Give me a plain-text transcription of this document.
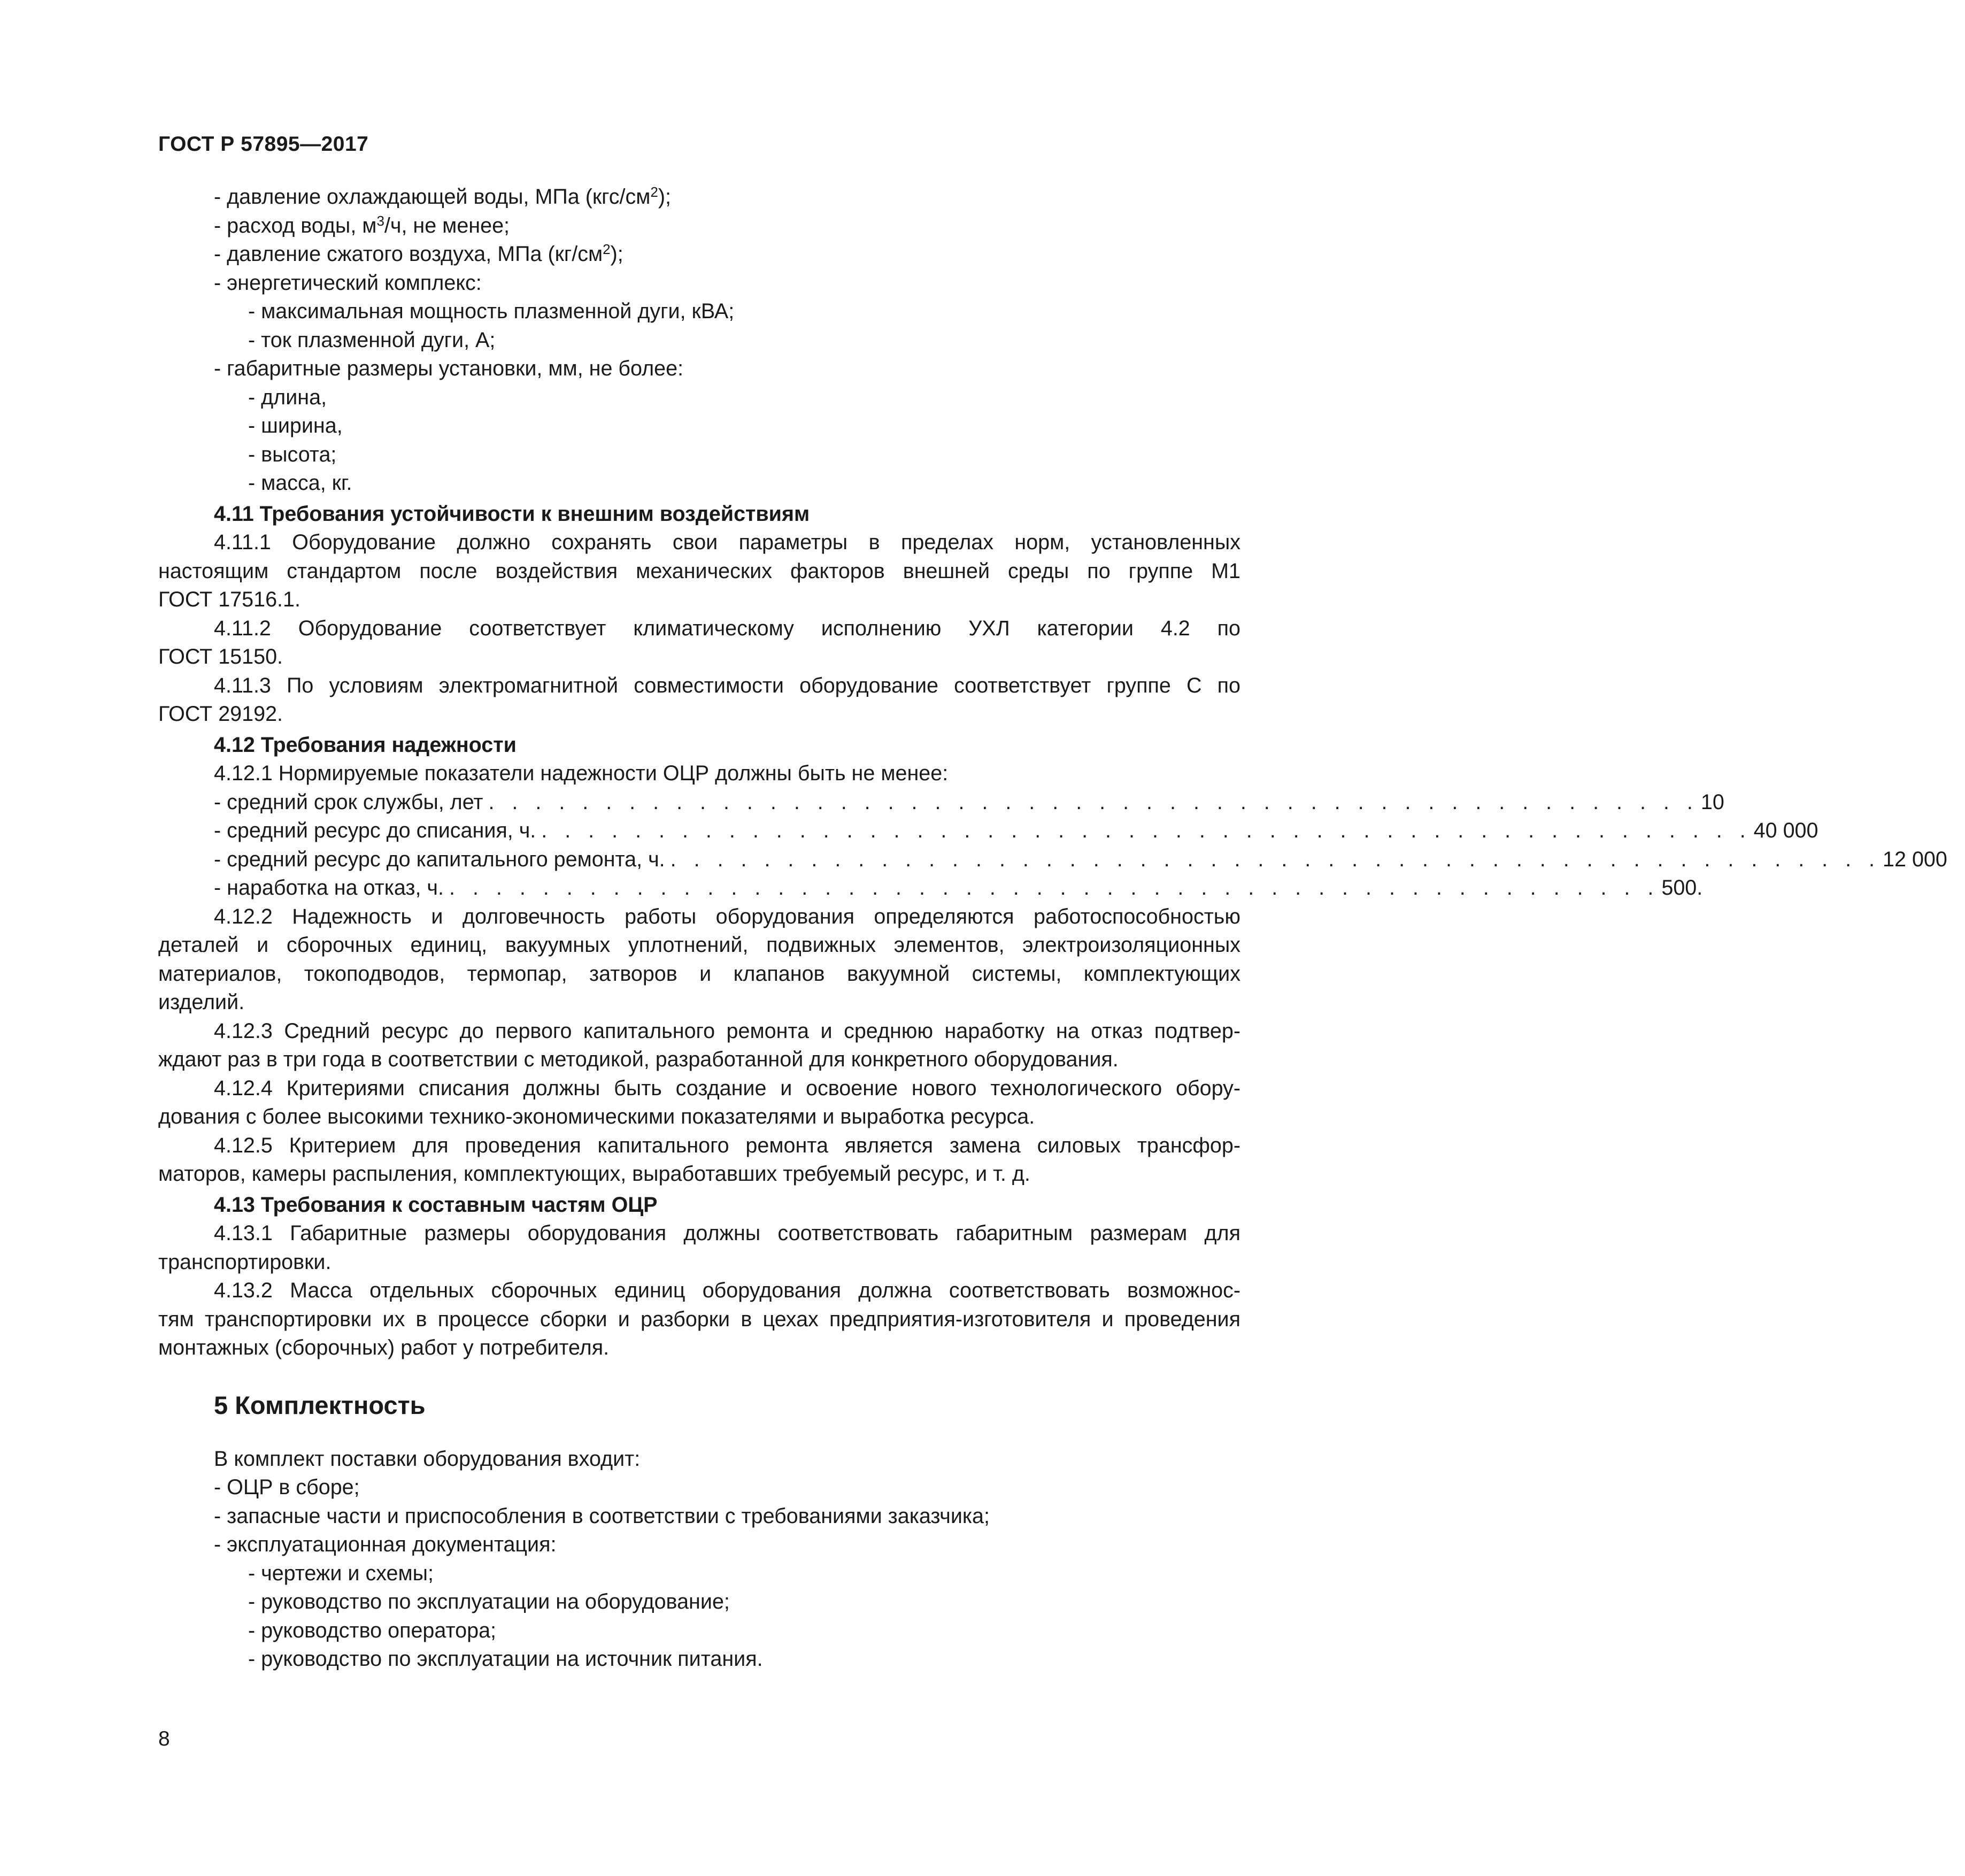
ГОСТ Р 57895—2017
- давление охлаждающей воды, МПа $(кгс/см^2)$;
- расход воды, $м^3/ч$, не менее;
- давление сжатого воздуха, МПа $(кг/см^2)$;
- энергетический комплекс:
- максимальная мощность плазменной дуги, кВА;
- ток плазменной дуги, А;
- габаритные размеры установки, мм, не более:
- длина,
- ширина,
- высота;
- масса, кг.
4.11 Требования устойчивости к внешним воздействиям
4.11.1 Оборудование должно сохранять свои параметры в пределах норм, установленных
настоящим стандартом после воздействия механических факторов внешней среды по группе М1
ГОСТ 17516.1.
4.11.2 Оборудование соответствует климатическому исполнению УХЛ категории 4.2 по
ГОСТ 15150.
4.11.3 По условиям электромагнитной совместимости оборудование соответствует группе С по
ГОСТ 29192.
4.12 Требования надежности
4.12.1 Нормируемые показатели надежности ОЦР должны быть не менее:
- средний срок службы, лет . . . . . . . . . . . . . . . . . . . . . . . . . . . . . . . . . . . . . . . . . . . . . . . . . . . . 10
- средний ресурс до списания, ч. . . . . . . . . . . . . . . . . . . . . . . . . . . . . . . . . . . . . . . . . . . . . . . . . . . . . 40 000
- средний ресурс до капитального ремонта, ч. . . . . . . . . . . . . . . . . . . . . . . . . . . . . . . . . . . . . . . . . . . . . . . . . . . . . 12 000
- наработка на отказ, ч. . . . . . . . . . . . . . . . . . . . . . . . . . . . . . . . . . . . . . . . . . . . . . . . . . . . . 500.
4.12.2 Надежность и долговечность работы оборудования определяются работоспособностью
деталей и сборочных единиц, вакуумных уплотнений, подвижных элементов, электроизоляционных
материалов, токоподводов, термопар, затворов и клапанов вакуумной системы, комплектующих
изделий.
4.12.3 Средний ресурс до первого капитального ремонта и среднюю наработку на отказ подтвер-
ждают раз в три года в соответствии с методикой, разработанной для конкретного оборудования.
4.12.4 Критериями списания должны быть создание и освоение нового технологического обору-
дования с более высокими технико-экономическими показателями и выработка ресурса.
4.12.5 Критерием для проведения капитального ремонта является замена силовых трансфор-
маторов, камеры распыления, комплектующих, выработавших требуемый ресурс, и т. д.
4.13 Требования к составным частям ОЦР
4.13.1 Габаритные размеры оборудования должны соответствовать габаритным размерам для
транспортировки.
4.13.2 Масса отдельных сборочных единиц оборудования должна соответствовать возможнос-
тям транспортировки их в процессе сборки и разборки в цехах предприятия-изготовителя и проведения
монтажных (сборочных) работ у потребителя.
5 Комплектность
В комплект поставки оборудования входит:
- ОЦР в сборе;
- запасные части и приспособления в соответствии с требованиями заказчика;
- эксплуатационная документация:
- чертежи и схемы;
- руководство по эксплуатации на оборудование;
- руководство оператора;
- руководство по эксплуатации на источник питания.
8
